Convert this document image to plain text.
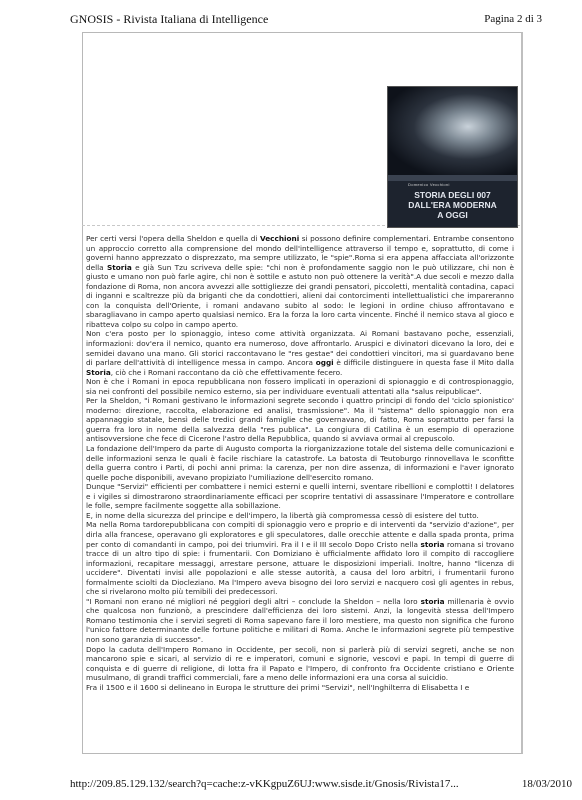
GNOSIS - Rivista Italiana di Intelligence	Pagina 2 di 3
Domenico Vecchioni
STORIA DEGLI 007
DALL'ERA MODERNA
A OGGI

Per certi versi l'opera della Sheldon e quella di Vecchioni si possono definire complementari. Entrambe consentono un approccio corretto alla comprensione del mondo dell'intelligence attraverso il tempo e, soprattutto, di come i governi hanno apprezzato o disprezzato, ma sempre utilizzato, le "spie".Roma si era appena affacciata all'orizzonte della Storia e già Sun Tzu scriveva delle spie: "chi non è profondamente saggio non le può utilizzare, chi non è giusto e umano non può farle agire, chi non è sottile e astuto non può ottenere la verità".A due secoli e mezzo dalla fondazione di Roma, non ancora avvezzi alle sottigliezze dei grandi pensatori, piccoletti, mentalità contadina, capaci di inganni e scaltrezze più da briganti che da condottieri, alieni dai contorcimenti intellettualistici che impareranno con la conquista dell'Oriente, i romani andavano subito al sodo: le legioni in ordine chiuso affrontavano e sbaragliavano in campo aperto qualsiasi nemico. Era la forza la loro carta vincente. Finché il nemico stava al gioco e ribatteva colpo su colpo in campo aperto.

Non c'era posto per lo spionaggio, inteso come attività organizzata. Ai Romani bastavano poche, essenziali, informazioni: dov'era il nemico, quanto era numeroso, dove affrontarlo. Aruspici e divinatori dicevano la loro, dei e semidei davano una mano. Gli storici raccontavano le "res gestae" dei condottieri vincitori, ma si guardavano bene di parlare dell'attività di intelligence messa in campo. Ancora oggi è difficile distinguere in questa fase il Mito dalla Storia, ciò che i Romani raccontano da ciò che effettivamente fecero.

Non è che i Romani in epoca repubblicana non fossero implicati in operazioni di spionaggio e di controspionaggio, sia nei confronti del possibile nemico esterno, sia per individuare eventuali attentati alla "salus reipublicae".

Per la Sheldon, "i Romani gestivano le informazioni segrete secondo i quattro principi di fondo del 'ciclo spionistico' moderno: direzione, raccolta, elaborazione ed analisi, trasmissione". Ma il "sistema" dello spionaggio non era appannaggio statale, bensì delle tredici grandi famiglie che governavano, di fatto, Roma soprattutto per farsi la guerra fra loro in nome della salvezza della "res publica". La congiura di Catilina è un esempio di operazione antisovversione che fece di Cicerone l'astro della Repubblica, quando si avviava ormai al crepuscolo.

La fondazione dell'Impero da parte di Augusto comporta la riorganizzazione totale del sistema delle comunicazioni e delle informazioni senza le quali è facile rischiare la catastrofe. La batosta di Teutoburgo rinnovellava le sconfitte della guerra contro i Parti, di pochi anni prima: la carenza, per non dire assenza, di informazioni e l'aver ignorato quelle poche disponibili, avevano propiziato l'umiliazione dell'esercito romano.

Dunque "Servizi" efficienti per combattere i nemici esterni e quelli interni, sventare ribellioni e complotti! I delatores e i vigiles si dimostrarono straordinariamente efficaci per scoprire tentativi di assassinare l'Imperatore e controllare le folle, sempre facilmente soggette alla sobillazione.

E, in nome della sicurezza del principe e dell'impero, la libertà già compromessa cessò di esistere del tutto.

Ma nella Roma tardorepubblicana con compiti di spionaggio vero e proprio e di interventi da "servizio d'azione", per dirla alla francese, operavano gli exploratores e gli speculatores, dalle orecchie attente e dalla spada pronta, prima per conto di comandanti in campo, poi dei triumviri. Fra il I e il III secolo Dopo Cristo nella storia romana si trovano tracce di un altro tipo di spie: i frumentarii. Con Domiziano è ufficialmente affidato loro il compito di raccogliere informazioni, recapitare messaggi, arrestare persone, attuare le disposizioni imperiali. Inoltre, hanno "licenza di uccidere". Diventati invisi alle popolazioni e alle stesse autorità, a causa del loro arbitri, i frumentarii furono formalmente sciolti da Diocleziano. Ma l'Impero aveva bisogno dei loro servizi e nacquero così gli agentes in rebus, che si rivelarono molto più temibili dei predecessori.

"I Romani non erano né migliori né peggiori degli altri – conclude la Sheldon – nella loro storia millenaria è ovvio che qualcosa non funzionò, a prescindere dall'efficienza dei loro sistemi. Anzi, la longevità stessa dell'Impero Romano testimonia che i servizi segreti di Roma sapevano fare il loro mestiere, ma questo non significa che furono l'unico fattore determinante delle fortune politiche e militari di Roma. Anche le informazioni segrete più tempestive non sono garanzia di successo".

Dopo la caduta dell'Impero Romano in Occidente, per secoli, non si parlerà più di servizi segreti, anche se non mancarono spie e sicari, al servizio di re e imperatori, comuni e signorie, vescovi e papi. In tempi di guerre di conquista e di guerre di religione, di lotta fra il Papato e l'Impero, di confronto fra Occidente cristiano e Oriente musulmano, di grandi traffici commerciali, fare a meno delle informazioni era una corsa al suicidio.

Fra il 1500 e il 1600 si delineano in Europa le strutture dei primi "Servizi", nell'Inghilterra di Elisabetta I e

http://209.85.129.132/search?q=cache:z-vKKgpuZ6UJ:www.sisde.it/Gnosis/Rivista17...	18/03/2010
